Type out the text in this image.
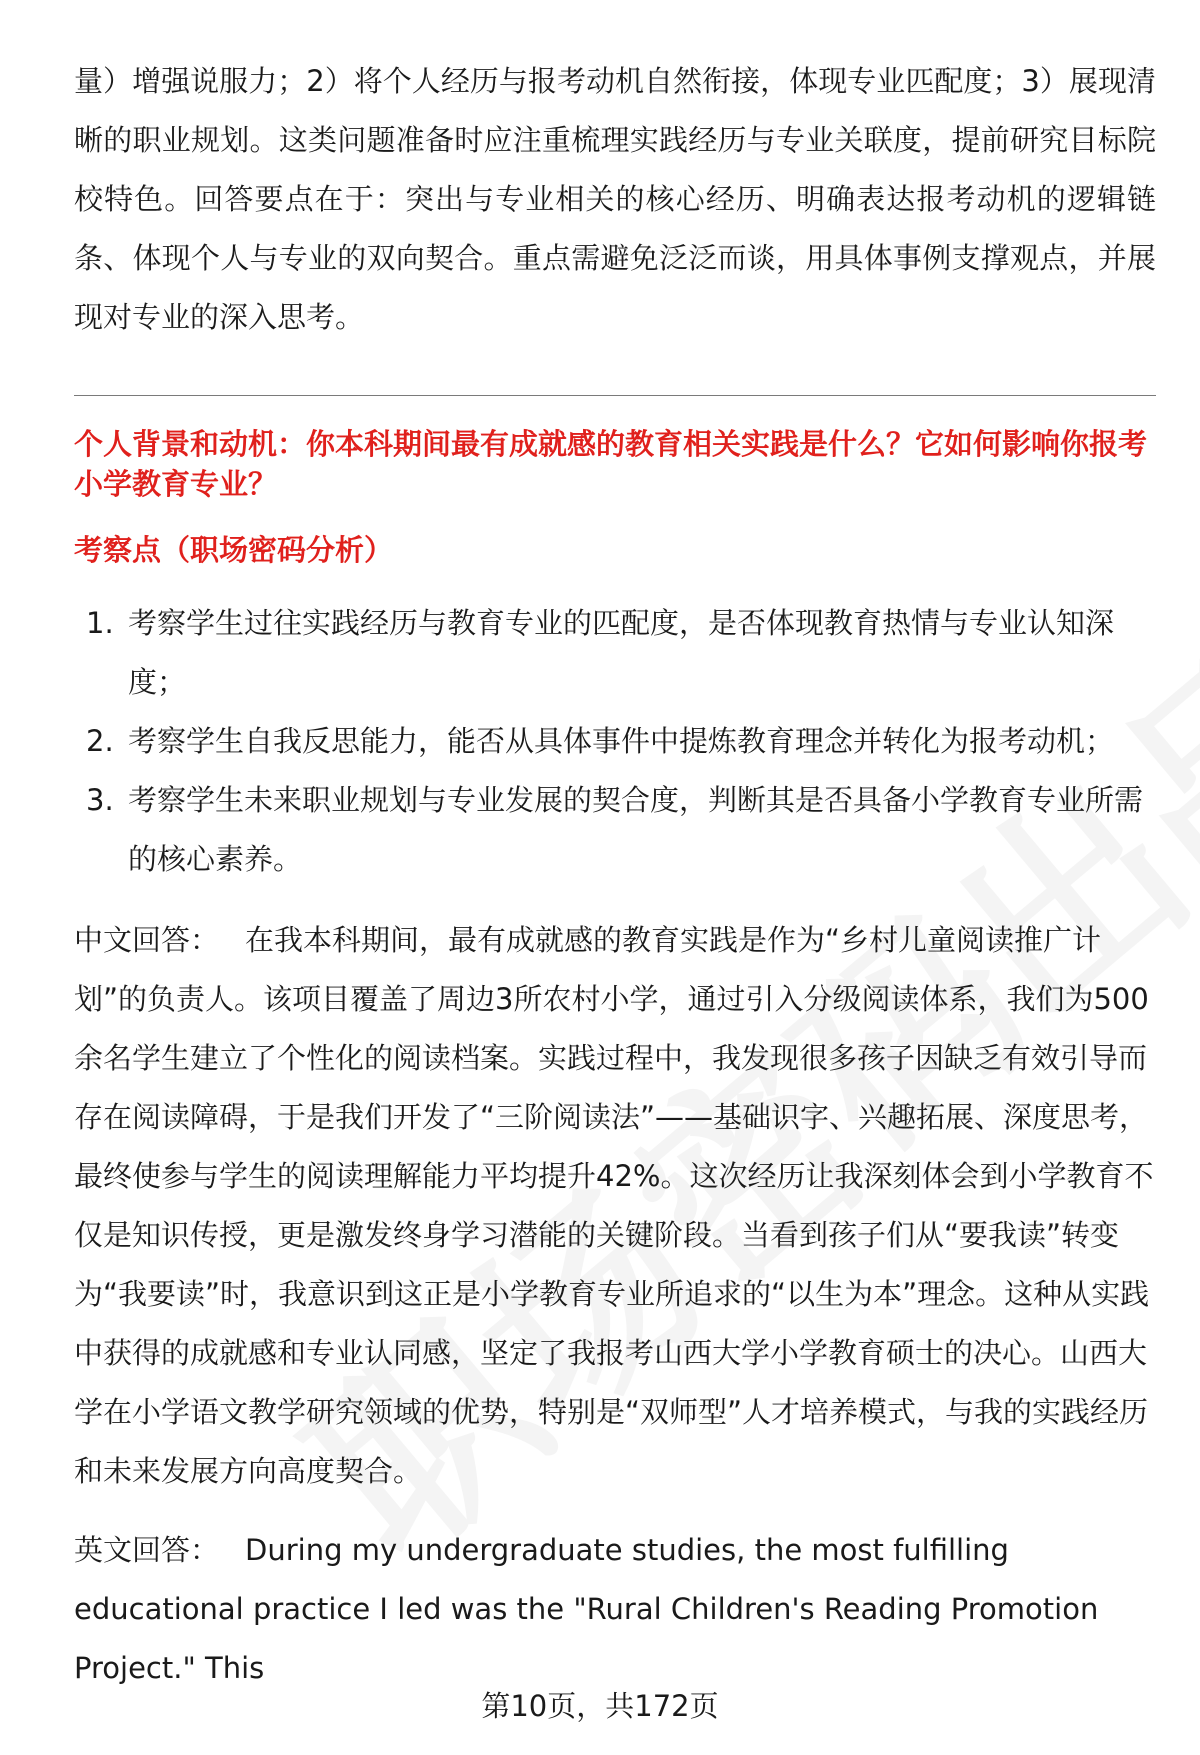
量）增强说服力；2）将个人经历与报考动机自然衔接，体现专业匹配度；3）展现清晰的职业规划。这类问题准备时应注重梳理实践经历与专业关联度，提前研究目标院校特色。回答要点在于：突出与专业相关的核心经历、明确表达报考动机的逻辑链条、体现个人与专业的双向契合。重点需避免泛泛而谈，用具体事例支撑观点，并展现对专业的深入思考。

个人背景和动机：你本科期间最有成就感的教育相关实践是什么？它如何影响你报考小学教育专业？
考察点（职场密码分析）
1. 考察学生过往实践经历与教育专业的匹配度，是否体现教育热情与专业认知深度；
2. 考察学生自我反思能力，能否从具体事件中提炼教育理念并转化为报考动机；
3. 考察学生未来职业规划与专业发展的契合度，判断其是否具备小学教育专业所需的核心素养。
中文回答： 在我本科期间，最有成就感的教育实践是作为“乡村儿童阅读推广计划”的负责人。该项目覆盖了周边3所农村小学，通过引入分级阅读体系，我们为500余名学生建立了个性化的阅读档案。实践过程中，我发现很多孩子因缺乏有效引导而存在阅读障碍，于是我们开发了“三阶阅读法”——基础识字、兴趣拓展、深度思考，最终使参与学生的阅读理解能力平均提升42%。这次经历让我深刻体会到小学教育不仅是知识传授，更是激发终身学习潜能的关键阶段。当看到孩子们从“要我读”转变为“我要读”时，我意识到这正是小学教育专业所追求的“以生为本”理念。这种从实践中获得的成就感和专业认同感，坚定了我报考山西大学小学教育硕士的决心。山西大学在小学语文教学研究领域的优势，特别是“双师型”人才培养模式，与我的实践经历和未来发展方向高度契合。
英文回答： During my undergraduate studies, the most fulfilling educational practice I led was the "Rural Children's Reading Promotion Project." This
第10页，共172页
